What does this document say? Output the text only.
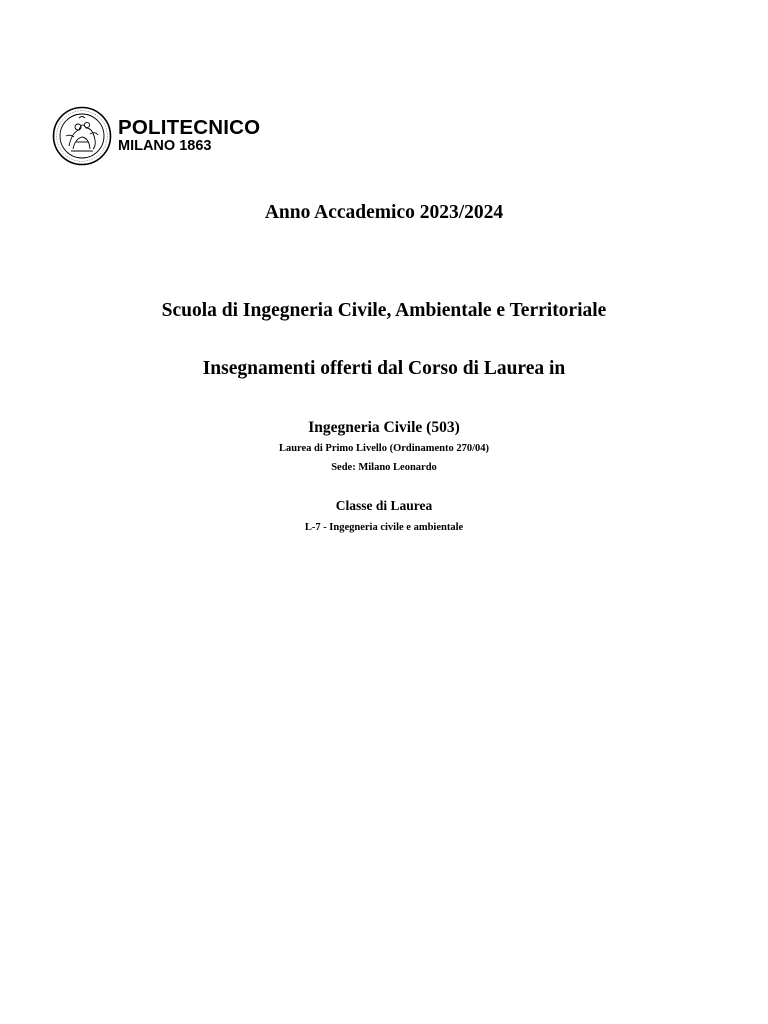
POLITECNICO
MILANO 1863
Anno Accademico 2023/2024
Scuola di Ingegneria Civile, Ambientale e Territoriale
Insegnamenti offerti dal Corso di Laurea in
Ingegneria Civile (503)
Laurea di Primo Livello (Ordinamento 270/04)
Sede: Milano Leonardo
Classe di Laurea
L-7 - Ingegneria civile e ambientale
